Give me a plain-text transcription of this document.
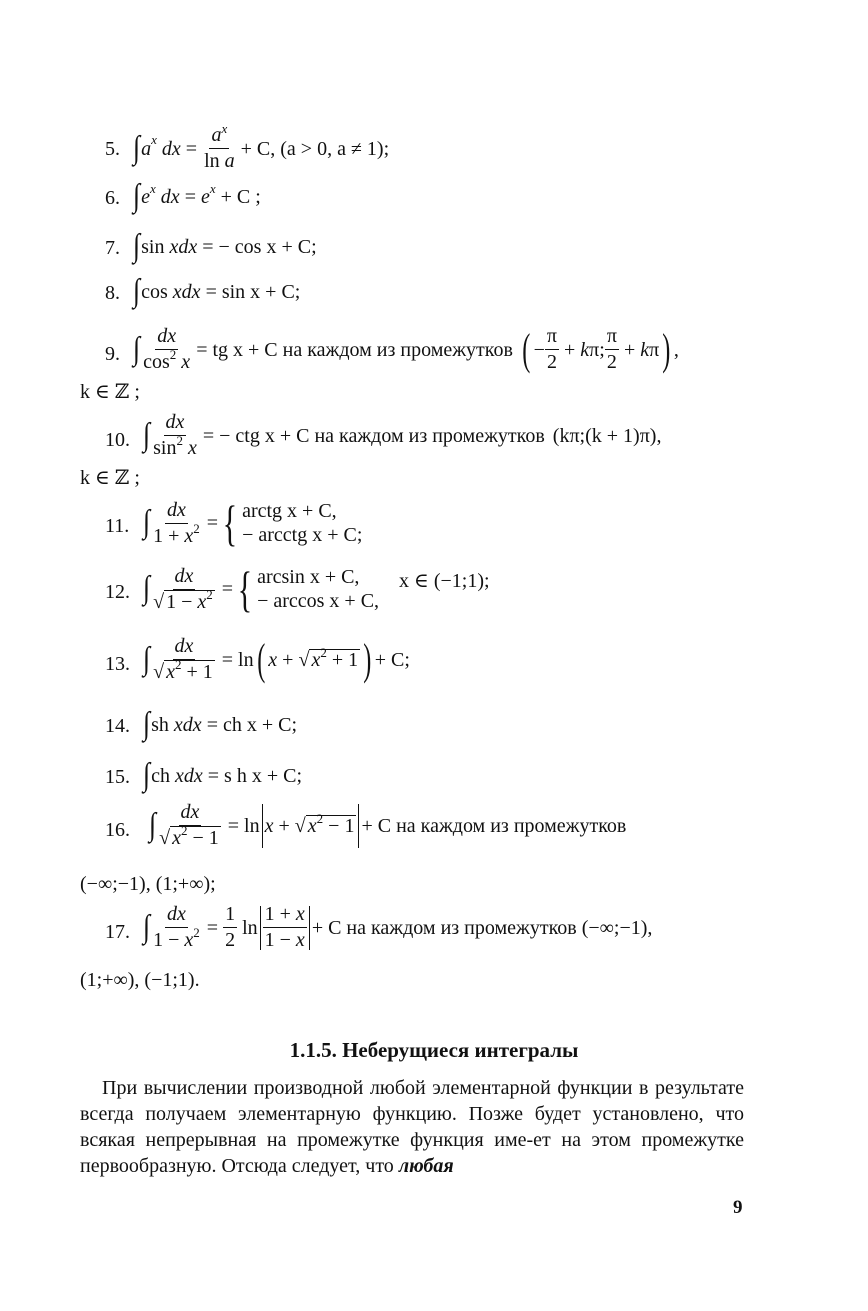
5. ∫ a x dx = $\frac{a^x}{\text{ln a}} + C$, (a > 0, a ≠ 1);
6. ∫ e x dx = e x
+ C ;
7. ∫ sin xdx
= − cos x + C;
8. ∫ cos xdx
= sin x + C;
9. ∫ $\frac{dx}{\cos^2 x}$ = tg x + C на каждом из промежутков ( − $\frac{\pi}{2} + k$ π; $\frac{\pi}{2} + k$ π ) ,
k ∈ ℤ ;
10. ∫ $\frac{dx}{\sin^2 x}$ = − ctg x + C на каждом из промежутков (kπ;(k + 1)π),
k ∈ ℤ ;
11. ∫ $\frac{dx}{1 + x^2}$ = { arctg x + C,
− arcctg x + C;
12. ∫ $\frac{dx}{√ 1 - x^2}$ = { arcsin x + C,
− arccos x + C,
x ∈ (−1;1);
13. ∫ $\frac{dx}{√ x^2 + 1} = \ln$ ( x + √ $x^2 + 1$ ) + C;
14. ∫ sh xdx
= ch x + C;
15. ∫ ch xdx
= s h x + C;
16. ∫ $\frac{dx}{√ x^2 - 1} = \ln x$ + √ $x^2 - 1 + C$ на каждом из промежутков
(−∞;−1), (1;+∞);
17. ∫ $\frac{dx}{1 - x^2} = \frac{1}{2}$ $\ln \frac{1 + x}{1 - x} + C$ на каждом из промежутков (−∞;−1),
(1;+∞), (−1;1).
1.1.5. Неберущиеся интегралы
При вычислении производной любой элементарной функции в результате всегда получаем элементарную функцию. Позже будет установлено, что всякая непрерывная на промежутке функция име-ет на этом промежутке первообразную. Отсюда следует, что любая
9
